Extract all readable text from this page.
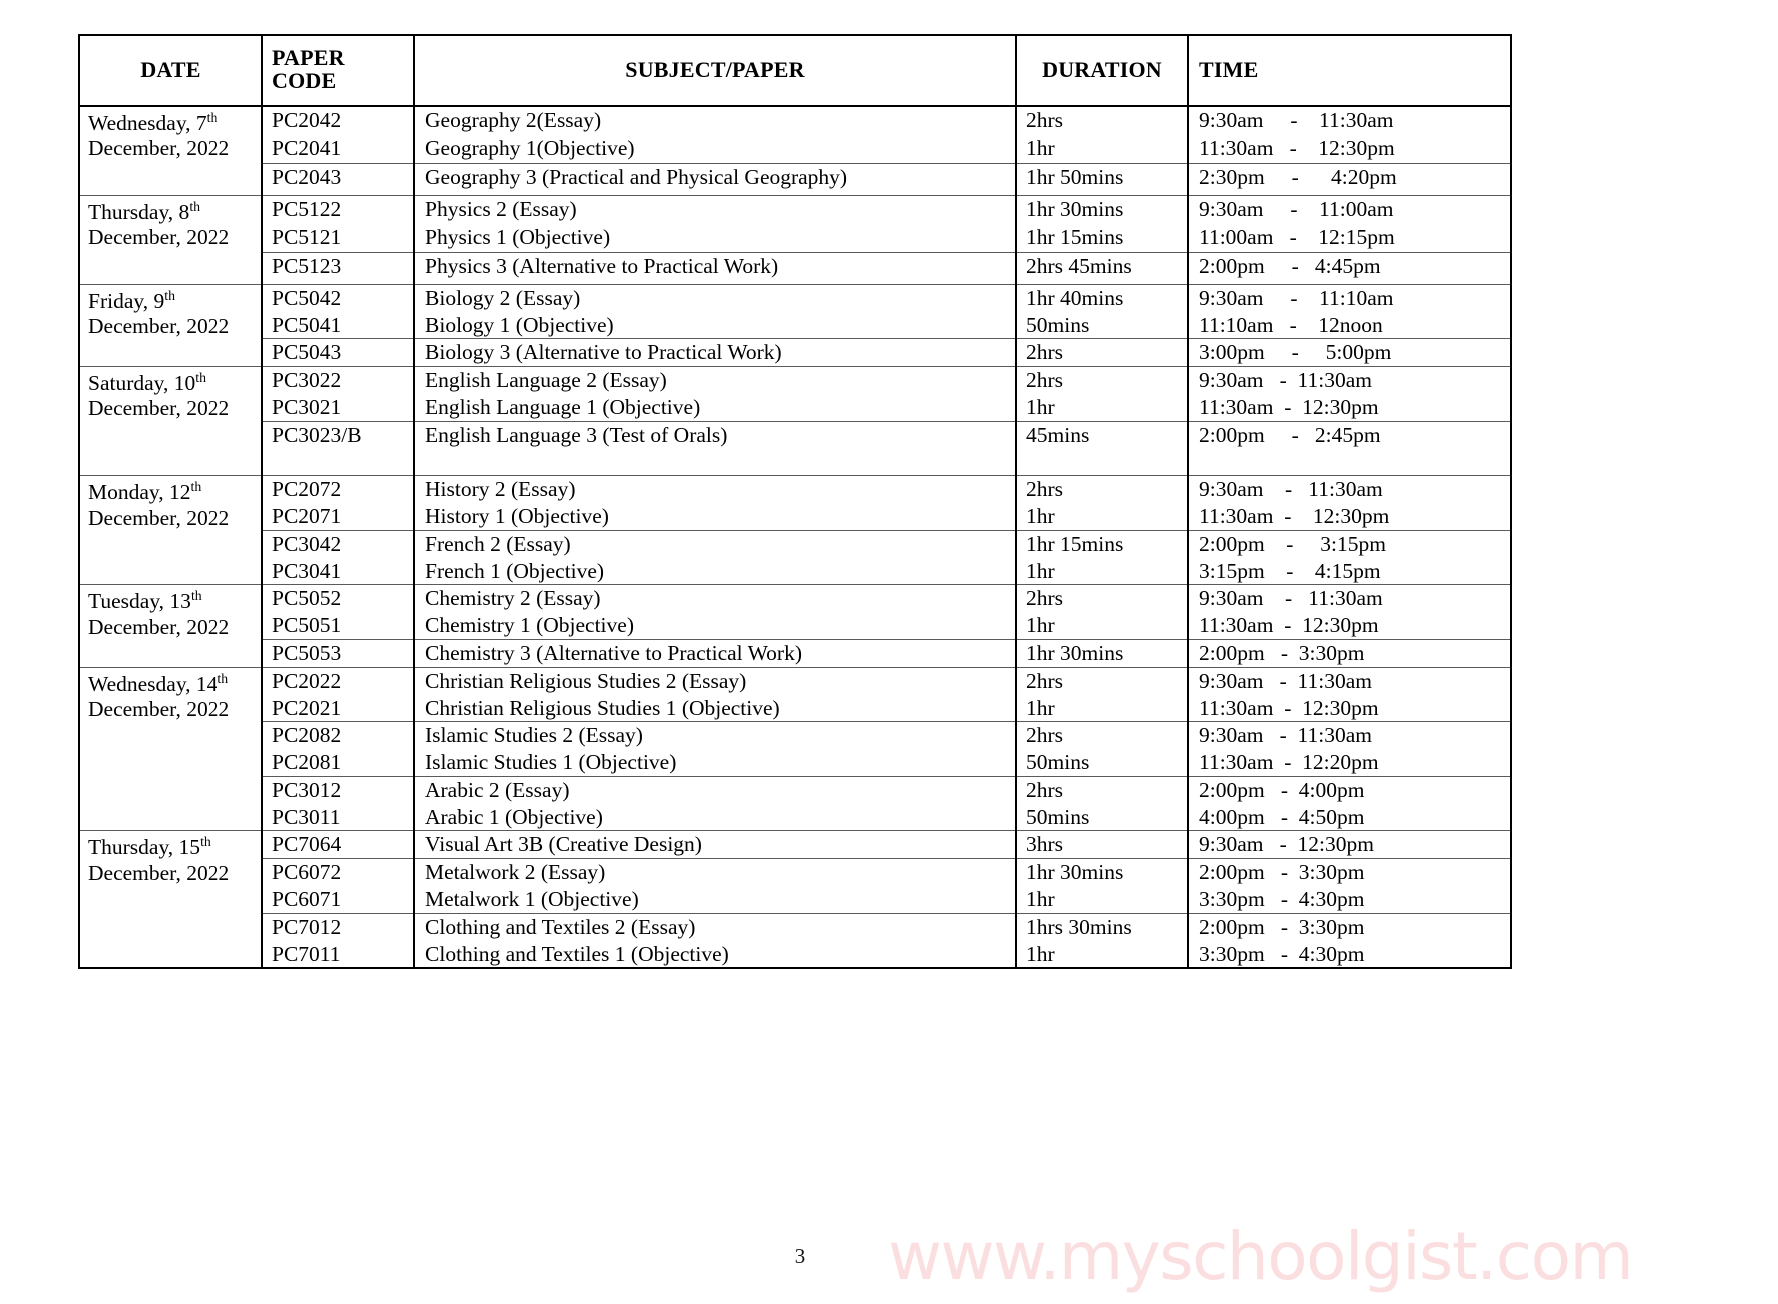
DATE	PAPER CODE	SUBJECT/PAPER	DURATION	TIME

Wednesday, 7th
December, 2022	PC2042	Geography 2(Essay)	2hrs	9:30am     -    11:30am
	PC2041	Geography 1(Objective)	1hr	11:30am   -    12:30pm
	PC2043	Geography 3 (Practical and Physical Geography)	1hr 50mins	2:30pm     -      4:20pm

Thursday, 8th
December, 2022	PC5122	Physics 2 (Essay)	1hr 30mins	9:30am     -    11:00am
	PC5121	Physics 1 (Objective)	1hr 15mins	11:00am   -    12:15pm
	PC5123	Physics 3 (Alternative to Practical Work)	2hrs 45mins	2:00pm     -   4:45pm

Friday, 9th
December, 2022	PC5042	Biology 2 (Essay)	1hr 40mins	9:30am     -    11:10am
	PC5041	Biology 1 (Objective)	50mins	11:10am   -    12noon
	PC5043	Biology 3 (Alternative to Practical Work)	2hrs	3:00pm     -     5:00pm

Saturday, 10th
December, 2022	PC3022	English Language 2 (Essay)	2hrs	9:30am   -  11:30am
	PC3021	English Language 1 (Objective)	1hr	11:30am  -  12:30pm
	PC3023/B	English Language 3 (Test of Orals)	45mins	2:00pm     -   2:45pm

Monday, 12th
December, 2022	PC2072	History 2 (Essay)	2hrs	9:30am    -   11:30am
	PC2071	History 1 (Objective)	1hr	11:30am  -    12:30pm
	PC3042	French 2 (Essay)	1hr 15mins	2:00pm    -     3:15pm
	PC3041	French 1 (Objective)	1hr	3:15pm    -    4:15pm

Tuesday, 13th
December, 2022	PC5052	Chemistry 2 (Essay)	2hrs	9:30am    -   11:30am
	PC5051	Chemistry 1 (Objective)	1hr	11:30am  -  12:30pm
	PC5053	Chemistry 3 (Alternative to Practical Work)	1hr 30mins	2:00pm   -  3:30pm

Wednesday, 14th
December, 2022	PC2022	Christian Religious Studies 2 (Essay)	2hrs	9:30am   -  11:30am
	PC2021	Christian Religious Studies 1 (Objective)	1hr	11:30am  -  12:30pm
	PC2082	Islamic Studies 2 (Essay)	2hrs	9:30am   -  11:30am
	PC2081	Islamic Studies 1 (Objective)	50mins	11:30am  -  12:20pm
	PC3012	Arabic 2 (Essay)	2hrs	2:00pm   -  4:00pm
	PC3011	Arabic 1 (Objective)	50mins	4:00pm   -  4:50pm

Thursday, 15th
December, 2022	PC7064	Visual Art 3B (Creative Design)	3hrs	9:30am   -  12:30pm
	PC6072	Metalwork 2 (Essay)	1hr 30mins	2:00pm   -  3:30pm
	PC6071	Metalwork 1 (Objective)	1hr	3:30pm   -  4:30pm
	PC7012	Clothing and Textiles 2 (Essay)	1hrs 30mins	2:00pm   -  3:30pm
	PC7011	Clothing and Textiles 1 (Objective)	1hr	3:30pm   -  4:30pm
3 www.myschoolgist.com
